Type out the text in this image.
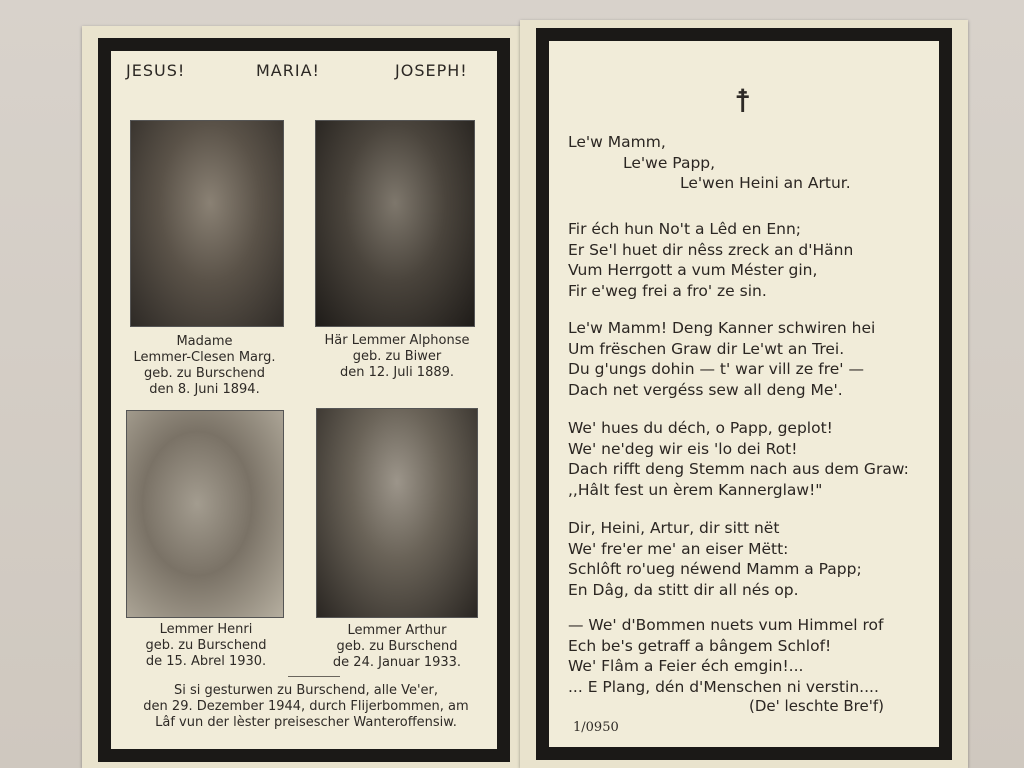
JESUS!	MARIA!	JOSEPH!
Madame
Lemmer-Clesen Marg.
geb. zu Burschend
den 8. Juni 1894.
Här Lemmer Alphonse
geb. zu Biwer
den 12. Juli 1889.
Lemmer Henri
geb. zu Burschend
de 15. Abrel 1930.
Lemmer Arthur
geb. zu Burschend
de 24. Januar 1933.
Si si gesturwen zu Burschend, alle Ve'er,
den 29. Dezember 1944, durch Flijerbommen, am
Lâf vun der lèster preisescher Wanteroffensiw.
☨
Le'w Mamm,
Le'we Papp,
Le'wen Heini an Artur.
Fir éch hun No't a Lêd en Enn;
Er Se'l huet dir nêss zreck an d'Hänn
Vum Herrgott a vum Méster gin,
Fir e'weg frei a fro' ze sin.
Le'w Mamm! Deng Kanner schwiren hei
Um frëschen Graw dir Le'wt an Trei.
Du g'ungs dohin — t' war vill ze fre' —
Dach net vergéss sew all deng Me'.
We' hues du déch, o Papp, geplot!
We' ne'deg wir eis 'lo dei Rot!
Dach rifft deng Stemm nach aus dem Graw:
,,Hâlt fest un èrem Kannerglaw!"
Dir, Heini, Artur, dir sitt nët
We' fre'er me' an eiser Mëtt:
Schlôft ro'ueg néwend Mamm a Papp;
En Dâg, da stitt dir all nés op.
— We' d'Bommen nuets vum Himmel rof
Ech be's getraff a bângem Schlof!
We' Flâm a Feier éch emgin!...
... E Plang, dén d'Menschen ni verstin....
(De' leschte Bre'f)
1/0950
